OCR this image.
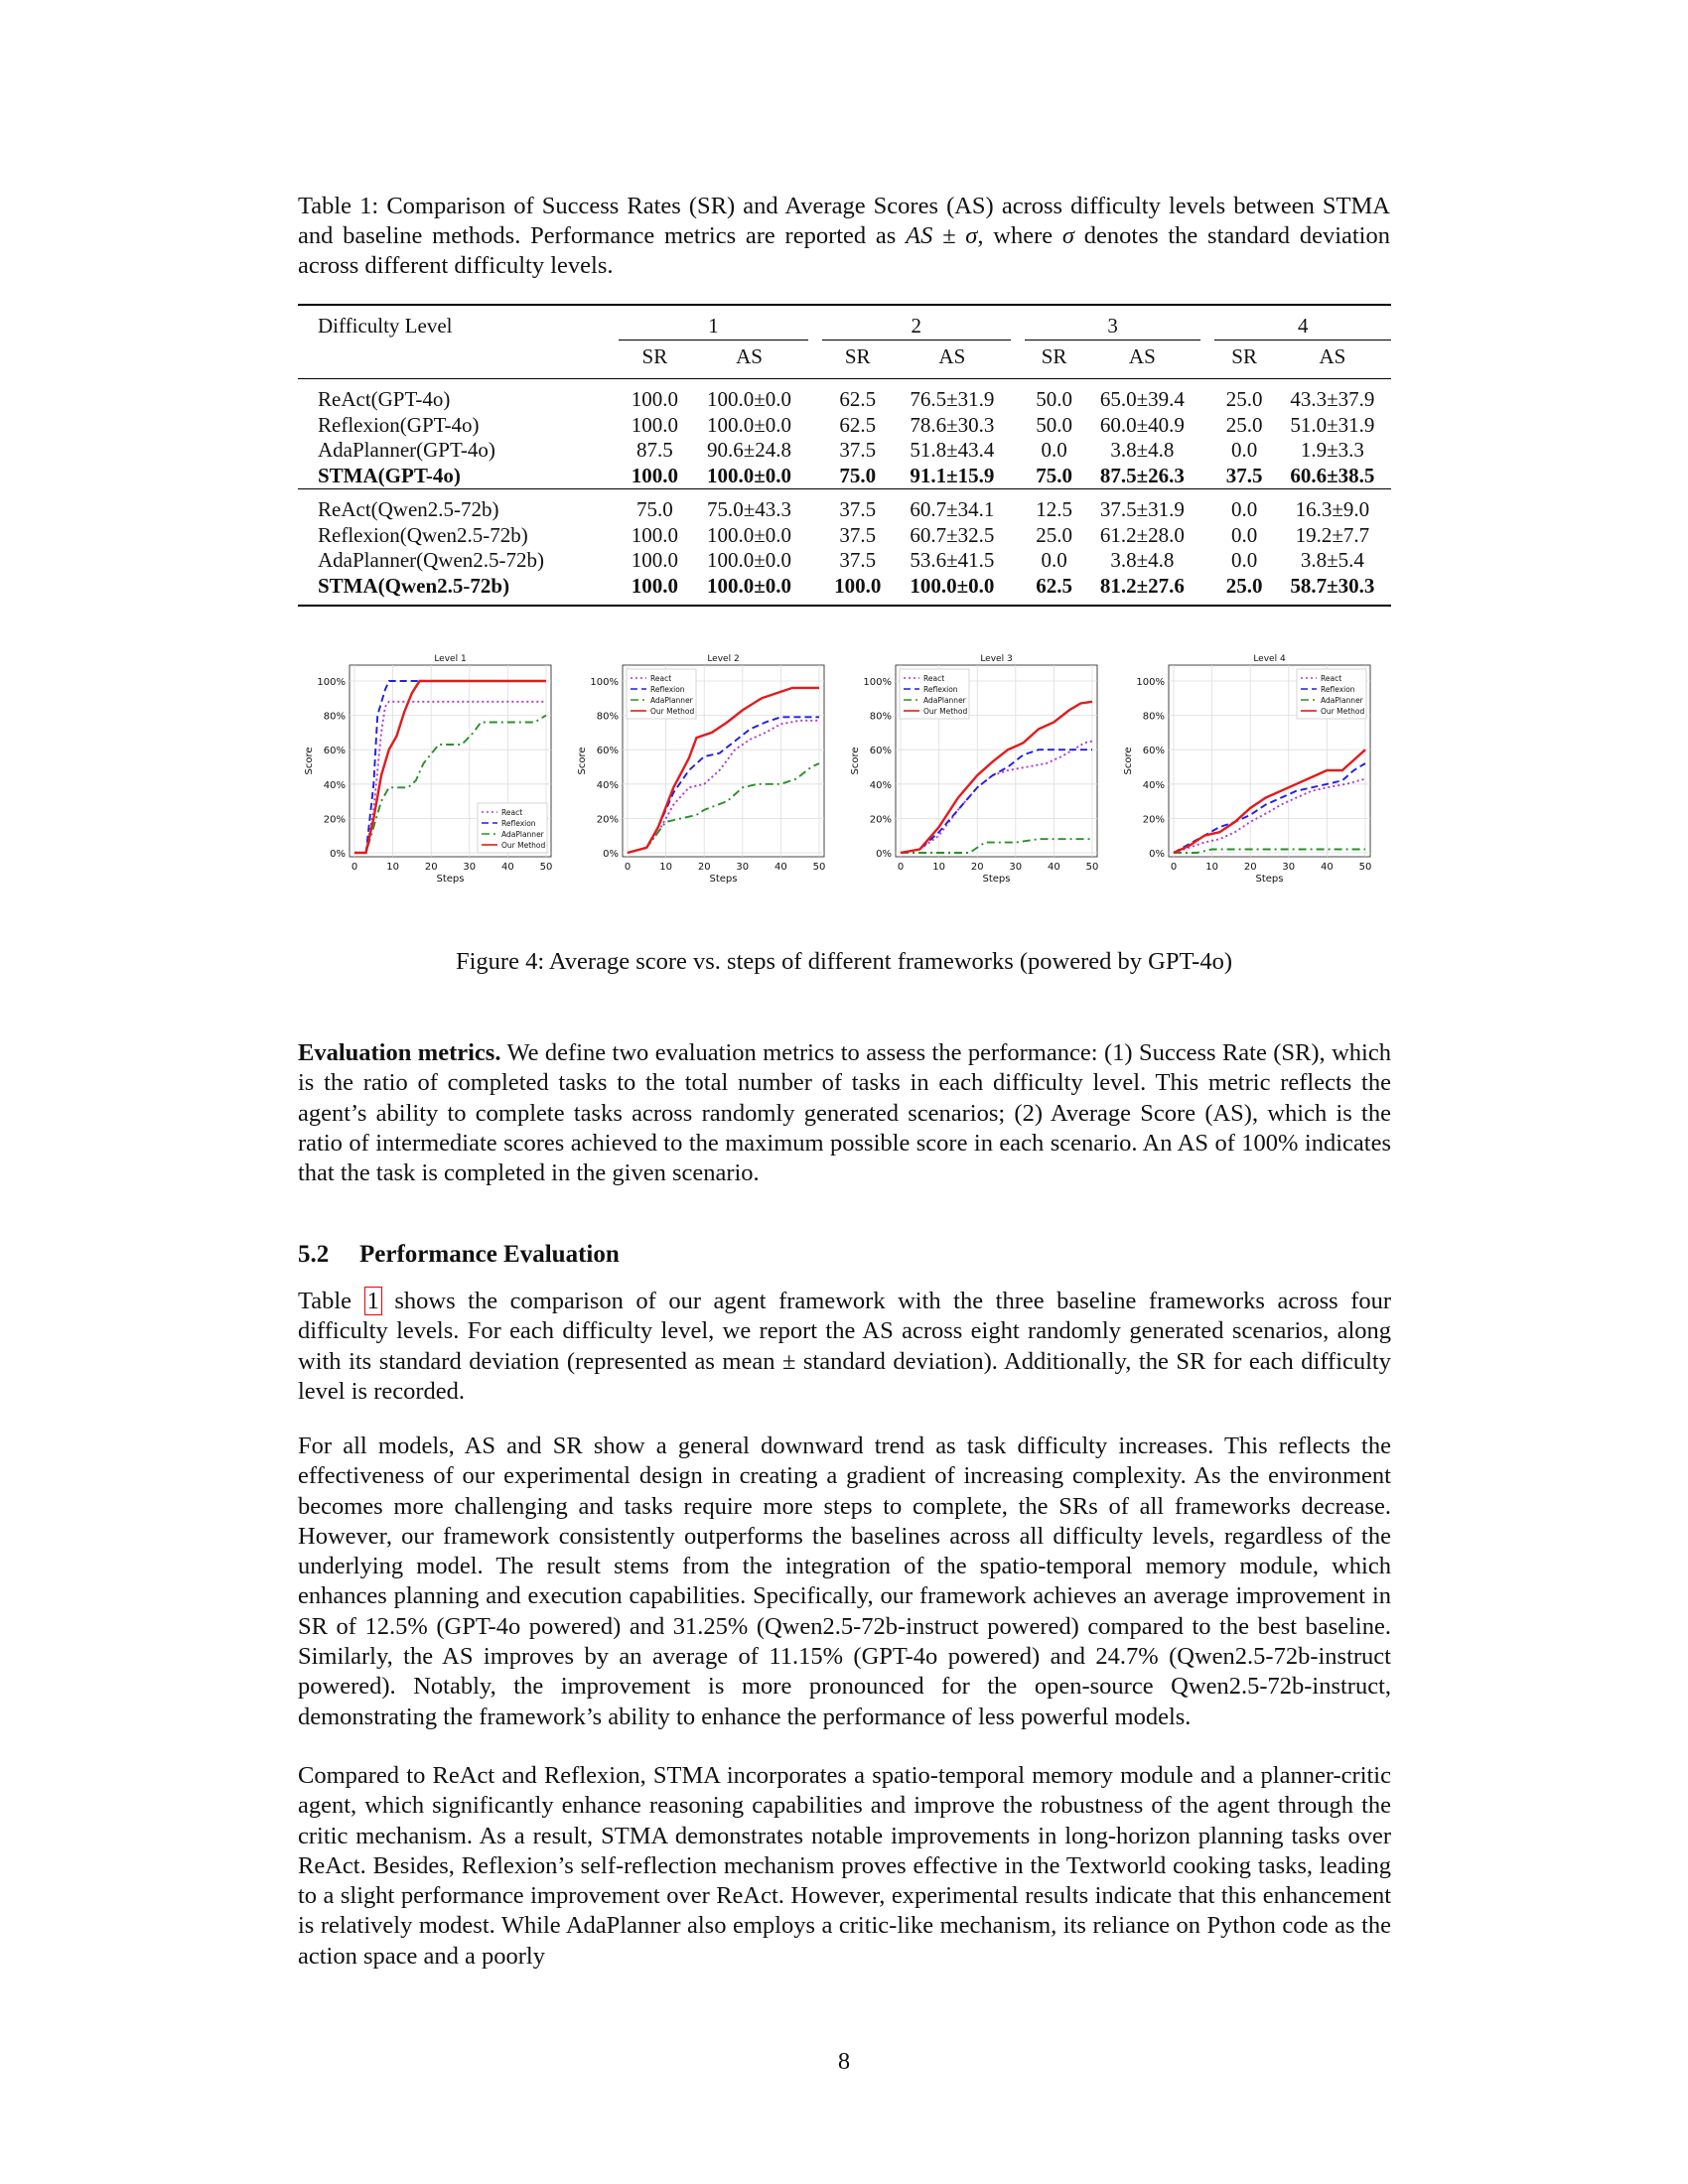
Table 1: Comparison of Success Rates (SR) and Average Scores (AS) across difficulty levels between STMA and baseline methods. Performance metrics are reported as AS ± σ, where σ denotes the standard deviation across different difficulty levels.
Difficulty Level		1			2			3			4	
		SR	AS		SR	AS		SR	AS		SR	AS
ReAct(GPT-4o)		100.0	100.0±0.0		62.5	76.5±31.9		50.0	65.0±39.4		25.0	43.3±37.9
Reflexion(GPT-4o)		100.0	100.0±0.0		62.5	78.6±30.3		50.0	60.0±40.9		25.0	51.0±31.9
AdaPlanner(GPT-4o)		87.5	90.6±24.8		37.5	51.8±43.4		0.0	3.8±4.8		0.0	1.9±3.3
STMA(GPT-4o)		100.0	100.0±0.0		75.0	91.1±15.9		75.0	87.5±26.3		37.5	60.6±38.5
ReAct(Qwen2.5-72b)		75.0	75.0±43.3		37.5	60.7±34.1		12.5	37.5±31.9		0.0	16.3±9.0
Reflexion(Qwen2.5-72b)		100.0	100.0±0.0		37.5	60.7±32.5		25.0	61.2±28.0		0.0	19.2±7.7
AdaPlanner(Qwen2.5-72b)		100.0	100.0±0.0		37.5	53.6±41.5		0.0	3.8±4.8		0.0	3.8±5.4
STMA(Qwen2.5-72b)		100.0	100.0±0.0		100.0	100.0±0.0		62.5	81.2±27.6		25.0	58.7±30.3
0%
20%
40%
60%
80%
100%
0	10	20	30	40	50
Level 1
Steps
Score
React
Reflexion
AdaPlanner
Our Method
0%
20%
40%
60%
80%
100%
0	10	20	30	40	50
Level 2
Steps
Score
React
Reflexion
AdaPlanner
Our Method
0%
20%
40%
60%
80%
100%
0	10	20	30	40	50
Level 3
Steps
Score
React
Reflexion
AdaPlanner
Our Method
0%
20%
40%
60%
80%
100%
0	10	20	30	40	50
Level 4
Steps
Score
React
Reflexion
AdaPlanner
Our Method
Figure 4: Average score vs. steps of different frameworks (powered by GPT-4o)

Evaluation metrics. We define two evaluation metrics to assess the performance: (1) Success Rate (SR), which is the ratio of completed tasks to the total number of tasks in each difficulty level. This metric reflects the agent’s ability to complete tasks across randomly generated scenarios; (2) Average Score (AS), which is the ratio of intermediate scores achieved to the maximum possible score in each scenario. An AS of 100% indicates that the task is completed in the given scenario.

5.2 Performance Evaluation

Table 1 shows the comparison of our agent framework with the three baseline frameworks across four difficulty levels. For each difficulty level, we report the AS across eight randomly generated scenarios, along with its standard deviation (represented as mean ± standard deviation). Additionally, the SR for each difficulty level is recorded.

For all models, AS and SR show a general downward trend as task difficulty increases. This reflects the effectiveness of our experimental design in creating a gradient of increasing complexity. As the environment becomes more challenging and tasks require more steps to complete, the SRs of all frameworks decrease. However, our framework consistently outperforms the baselines across all difficulty levels, regardless of the underlying model. The result stems from the integration of the spatio-temporal memory module, which enhances planning and execution capabilities. Specifically, our framework achieves an average improvement in SR of 12.5% (GPT-4o powered) and 31.25% (Qwen2.5-72b-instruct powered) compared to the best baseline. Similarly, the AS improves by an average of 11.15% (GPT-4o powered) and 24.7% (Qwen2.5-72b-instruct powered). Notably, the improvement is more pronounced for the open-source Qwen2.5-72b-instruct, demonstrating the framework’s ability to enhance the performance of less powerful models.

Compared to ReAct and Reflexion, STMA incorporates a spatio-temporal memory module and a planner-critic agent, which significantly enhance reasoning capabilities and improve the robustness of the agent through the critic mechanism. As a result, STMA demonstrates notable improvements in long-horizon planning tasks over ReAct. Besides, Reflexion’s self-reflection mechanism proves effective in the Textworld cooking tasks, leading to a slight performance improvement over ReAct. However, experimental results indicate that this enhancement is relatively modest. While AdaPlanner also employs a critic-like mechanism, its reliance on Python code as the action space and a poorly

8
